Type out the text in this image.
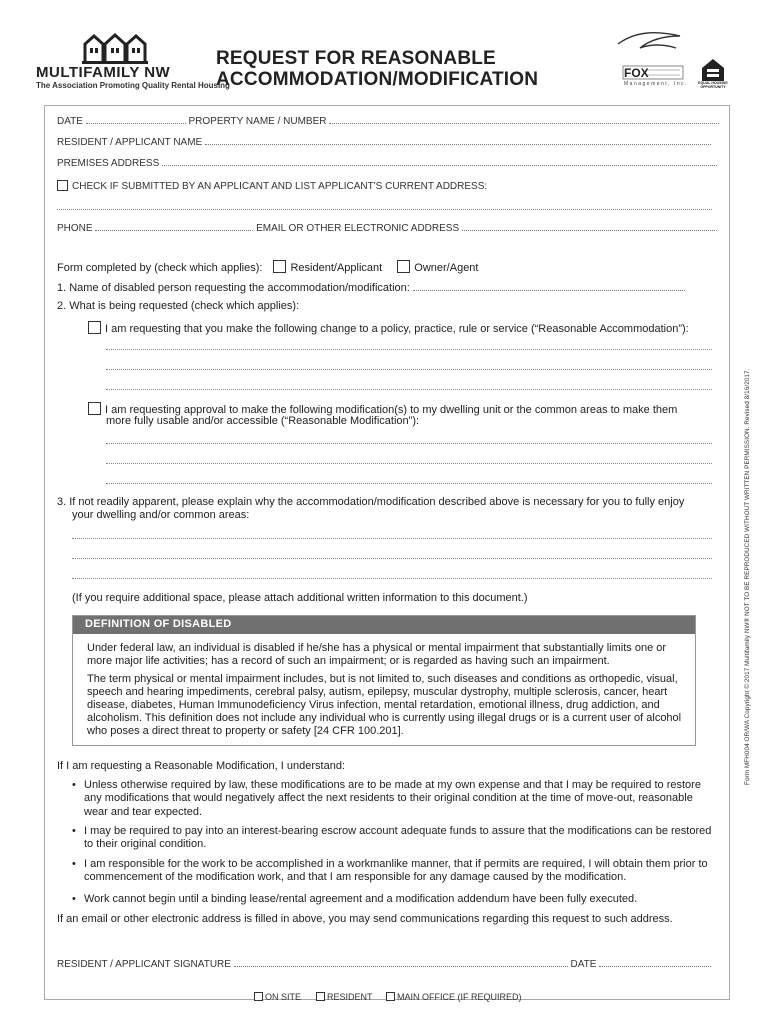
MULTIFAMILY NW
The Association Promoting Quality Rental Housing
REQUEST FOR REASONABLE
ACCOMMODATION/MODIFICATION	FOX
Management, Inc.	EQUAL HOUSING OPPORTUNITY
DATE	PROPERTY NAME / NUMBER
RESIDENT / APPLICANT NAME
PREMISES ADDRESS
CHECK IF SUBMITTED BY AN APPLICANT AND LIST APPLICANT'S CURRENT ADDRESS:
PHONE	EMAIL OR OTHER ELECTRONIC ADDRESS
Form completed by (check which applies):	Resident/Applicant	Owner/Agent
1. Name of disabled person requesting the accommodation/modification:
2. What is being requested (check which applies):
I am requesting that you make the following change to a policy, practice, rule or service (“Reasonable Accommodation”):
I am requesting approval to make the following modification(s) to my dwelling unit or the common areas to make them
more fully usable and/or accessible (“Reasonable Modification”):
3. If not readily apparent, please explain why the accommodation/modification described above is necessary for you to fully enjoy
your dwelling and/or common areas:
(If you require additional space, please attach additional written information to this document.)
DEFINITION OF DISABLED
Under federal law, an individual is disabled if he/she has a physical or mental impairment that substantially limits one or more major life activities; has a record of such an impairment; or is regarded as having such an impairment.
The term physical or mental impairment includes, but is not limited to, such diseases and conditions as orthopedic, visual, speech and hearing impediments, cerebral palsy, autism, epilepsy, muscular dystrophy, multiple sclerosis, cancer, heart disease, diabetes, Human Immunodeficiency Virus infection, mental retardation, emotional illness, drug addiction, and alcoholism. This definition does not include any individual who is currently using illegal drugs or is a current user of alcohol who poses a direct threat to property or safety [24 CFR 100.201].
If I am requesting a Reasonable Modification, I understand:
• Unless otherwise required by law, these modifications are to be made at my own expense and that I may be required to restore any modifications that would negatively affect the next residents to their original condition at the time of move-out, reasonable wear and tear expected.
• I may be required to pay into an interest-bearing escrow account adequate funds to assure that the modifications can be restored to their original condition.
• I am responsible for the work to be accomplished in a workmanlike manner, that if permits are required, I will obtain them prior to commencement of the modification work, and that I am responsible for any damage caused by the modification.
• Work cannot begin until a binding lease/rental agreement and a modification addendum have been fully executed.
If an email or other electronic address is filled in above, you may send communications regarding this request to such address.
RESIDENT / APPLICANT SIGNATURE	DATE
ON SITE	RESIDENT	MAIN OFFICE (IF REQUIRED)
Form MFH004 OR/WA Copyright © 2017 Multifamily NW® NOT TO BE REPRODUCED WITHOUT WRITTEN PERMISSION. Revised 8/16/2017.
